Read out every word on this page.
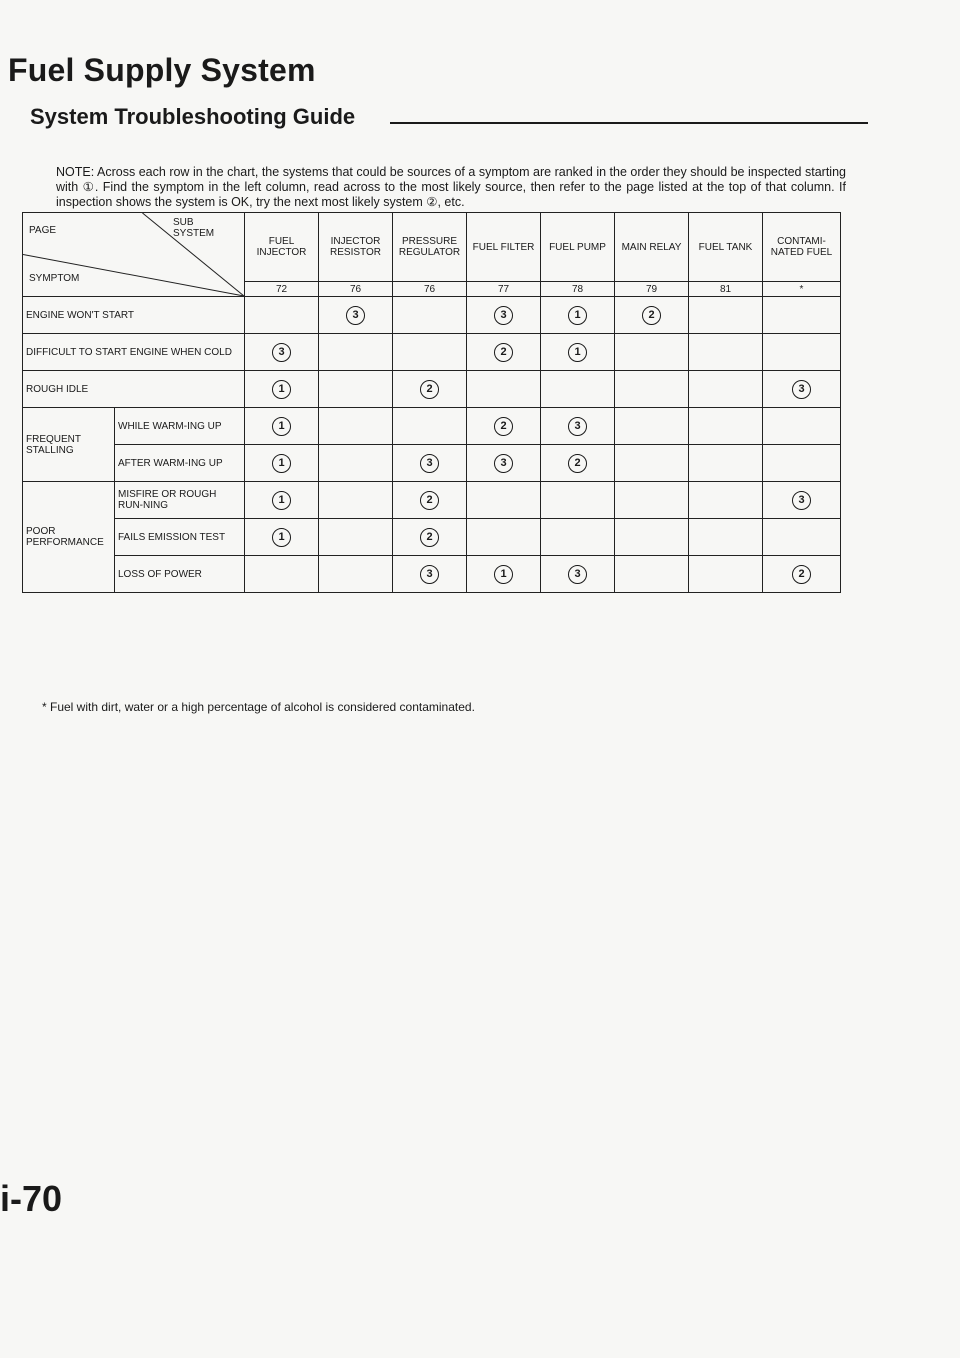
Fuel Supply System
System Troubleshooting Guide

NOTE: Across each row in the chart, the systems that could be sources of a symptom are ranked in the order they should be inspected starting with ①. Find the symptom in the left column, read across to the most likely source, then refer to the page listed at the top of that column. If inspection shows the system is OK, try the next most likely system ②, etc.

PAGE
SUB SYSTEM
SYMPTOM		FUEL INJECTOR	INJECTOR RESISTOR	PRESSURE REGULATOR	FUEL FILTER	FUEL PUMP	MAIN RELAY	FUEL TANK	CONTAMI-NATED FUEL
		72	76	76	77	78	79	81	*
ENGINE WON'T START			3		3	1	2		
DIFFICULT TO START ENGINE WHEN COLD		3			2	1			
ROUGH IDLE		1		2					3
FREQUENT STALLING	WHILE WARM-ING UP	1			2	3			
	AFTER WARM-ING UP	1		3	3	2			
POOR PERFORMANCE	MISFIRE OR ROUGH RUN-NING	1		2					3
	FAILS EMISSION TEST	1		2					
	LOSS OF POWER			3	1	3			2
* Fuel with dirt, water or a high percentage of alcohol is considered contaminated.
i-70
